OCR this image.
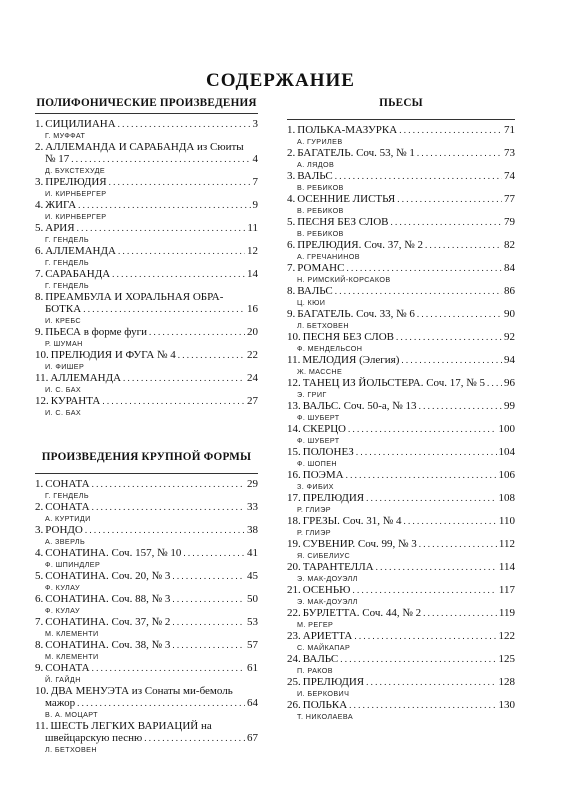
СОДЕРЖАНИЕ
ПОЛИФОНИЧЕСКИЕ ПРОИЗВЕДЕНИЯ
1. СИЦИЛИАНА . . .	3
Г. МУФФАТ
2. АЛЛЕМАНДА И САРАБАНДА из Сюиты
№ 17 . . .	4
Д. БУКСТЕХУДЕ
3. ПРЕЛЮДИЯ . . .	7
И. КИРНБЕРГЕР
4. ЖИГА . . .	9
И. КИРНБЕРГЕР
5. АРИЯ . . .	11
Г. ГЕНДЕЛЬ
6. АЛЛЕМАНДА . . .	12
Г. ГЕНДЕЛЬ
7. САРАБАНДА . . .	14
Г. ГЕНДЕЛЬ
8. ПРЕАМБУЛА И ХОРАЛЬНАЯ ОБРА-
БОТКА . . .	16
И. КРЕБС
9. ПЬЕСА в форме фуги . . .	20
Р. ШУМАН
10. ПРЕЛЮДИЯ И ФУГА № 4 . . .	22
И. ФИШЕР
11. АЛЛЕМАНДА . . .	24
И. С. БАХ
12. КУРАНТА . . .	27
И. С. БАХ
ПРОИЗВЕДЕНИЯ КРУПНОЙ ФОРМЫ
1. СОНАТА . . .	29
Г. ГЕНДЕЛЬ
2. СОНАТА . . .	33
А. КУРТИДИ
3. РОНДО . . .	38
А. ЗВЕРЛЬ
4. СОНАТИНА. Соч. 157, № 10 . . .	41
Ф. ШПИНДЛЕР
5. СОНАТИНА. Соч. 20, № 3 . . .	45
Ф. КУЛАУ
6. СОНАТИНА. Соч. 88, № 3 . . .	50
Ф. КУЛАУ
7. СОНАТИНА. Соч. 37, № 2 . . .	53
М. КЛЕМЕНТИ
8. СОНАТИНА. Соч. 38, № 3 . . .	57
М. КЛЕМЕНТИ
9. СОНАТА . . .	61
Й. ГАЙДН
10. ДВА МЕНУЭТА из Сонаты ми-бемоль
мажор . . .	64
В. А. МОЦАРТ
11. ШЕСТЬ ЛЕГКИХ ВАРИАЦИЙ на
швейцарскую песню . . .	67
Л. БЕТХОВЕН
ПЬЕСЫ
1. ПОЛЬКА-МАЗУРКА . . .	71
А. ГУРИЛЕВ
2. БАГАТЕЛЬ. Соч. 53, № 1 . . .	73
А. ЛЯДОВ
3. ВАЛЬС . . .	74
В. РЕБИКОВ
4. ОСЕННИЕ ЛИСТЬЯ . . .	77
В. РЕБИКОВ
5. ПЕСНЯ БЕЗ СЛОВ . . .	79
В. РЕБИКОВ
6. ПРЕЛЮДИЯ. Соч. 37, № 2 . . .	82
А. ГРЕЧАНИНОВ
7. РОМАНС . . .	84
Н. РИМСКИЙ-КОРСАКОВ
8. ВАЛЬС . . .	86
Ц. КЮИ
9. БАГАТЕЛЬ. Соч. 33, № 6 . . .	90
Л. БЕТХОВЕН
10. ПЕСНЯ БЕЗ СЛОВ . . .	92
Ф. МЕНДЕЛЬСОН
11. МЕЛОДИЯ (Элегия) . . .	94
Ж. МАССНЕ
12. ТАНЕЦ ИЗ ЙОЛЬСТЕРА. Соч. 17, № 5 . . . 96
Э. ГРИГ
13. ВАЛЬС. Соч. 50-а, № 13 . . .	99
Ф. ШУБЕРТ
14. СКЕРЦО . . .	100
Ф. ШУБЕРТ
15. ПОЛОНЕЗ . . .	104
Ф. ШОПЕН
16. ПОЭМА . . .	106
З. ФИБИХ
17. ПРЕЛЮДИЯ . . .	108
Р. ГЛИЭР
18. ГРЕЗЫ. Соч. 31, № 4 . . .	110
Р. ГЛИЭР
19. СУВЕНИР. Соч. 99, № 3 . . .	112
Я. СИБЕЛИУС
20. ТАРАНТЕЛЛА . . .	114
Э. МАК-ДОУЭЛЛ
21. ОСЕНЬЮ . . .	117
Э. МАК-ДОУЭЛЛ
22. БУРЛЕТТА. Соч. 44, № 2 . . .	119
М. РЕГЕР
23. АРИЕТТА . . .	122
С. МАЙКАПАР
24. ВАЛЬС . . .	125
П. РАКОВ
25. ПРЕЛЮДИЯ . . .	128
И. БЕРКОВИЧ
26. ПОЛЬКА . . .	130
Т. НИКОЛАЕВА
